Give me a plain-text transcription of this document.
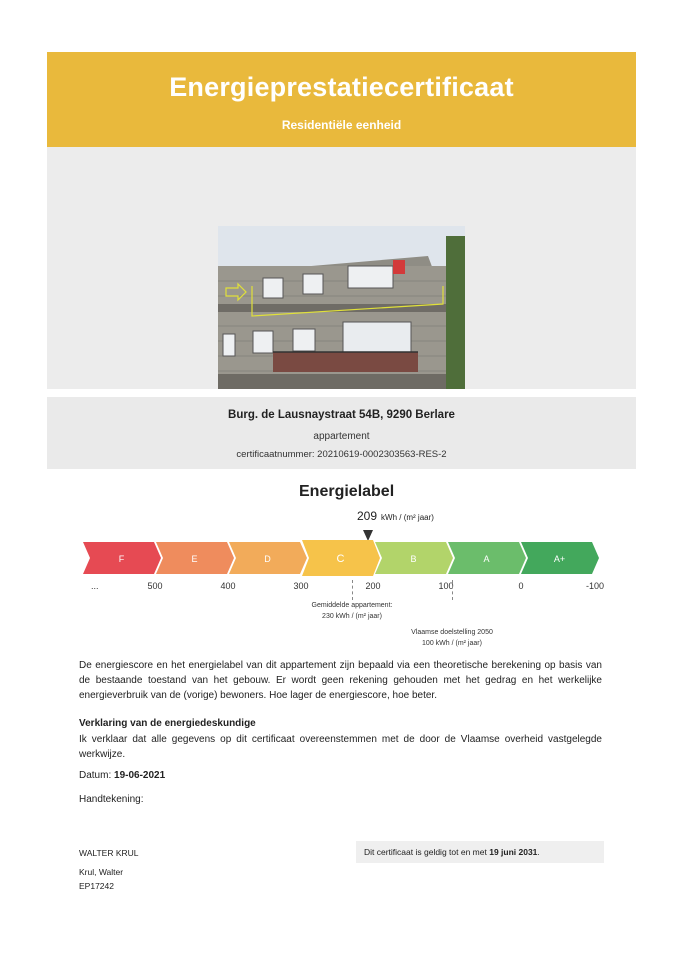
Energieprestatiecertificaat
Residentiële eenheid
Burg. de Lausnaystraat 54B, 9290 Berlare
appartement
certificaatnummer: 20210619-0002303563-RES-2
Energielabel
209 kWh / (m² jaar)
F	E	D	C	B	A	A+
...	500	400	300	200	100	0	-100
Gemiddelde appartement:
230 kWh / (m² jaar)
Vlaamse doelstelling 2050
100 kWh / (m² jaar)
De energiescore en het energielabel van dit appartement zijn bepaald via een theoretische berekening op basis van de bestaande toestand van het gebouw. Er wordt geen rekening gehouden met het gedrag en het werkelijke energieverbruik van de (vorige) bewoners. Hoe lager de energiescore, hoe beter.
Verklaring van de energiedeskundige
Ik verklaar dat alle gegevens op dit certificaat overeenstemmen met de door de Vlaamse overheid vastgelegde werkwijze.
Datum: 19-06-2021
Handtekening:
WALTER KRUL
Krul, Walter
EP17242
Dit certificaat is geldig tot en met 19 juni 2031.
